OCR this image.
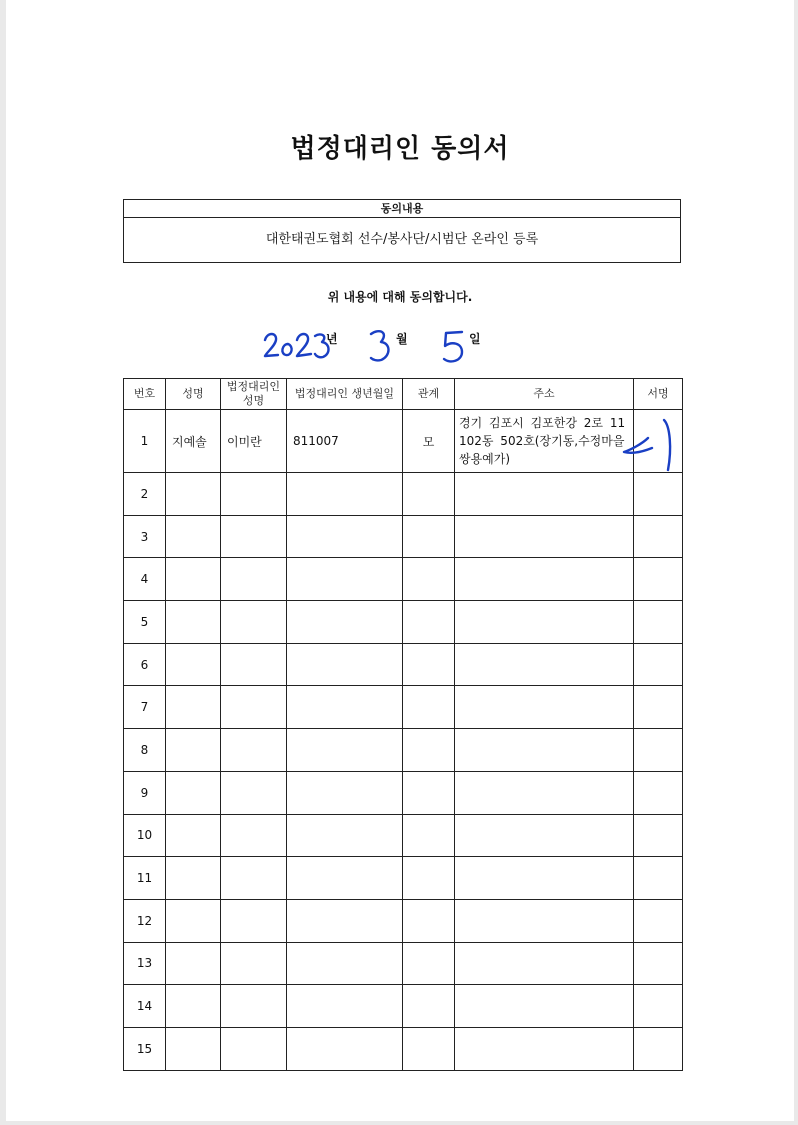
법정대리인 동의서
동의내용
대한태권도협회 선수/봉사단/시범단 온라인 등록
위 내용에 대해 동의합니다.
년	월	일
번호	성명	법정대리인 성명	법정대리인 생년월일	관계	주소	서명
1	지예솔	이미란	811007	모	경기 김포시 김포한강 2로 11 102동 502호(장기동,수정마을쌍용예가)	
2						
3						
4						
5						
6						
7						
8						
9						
10						
11						
12						
13						
14						
15						
